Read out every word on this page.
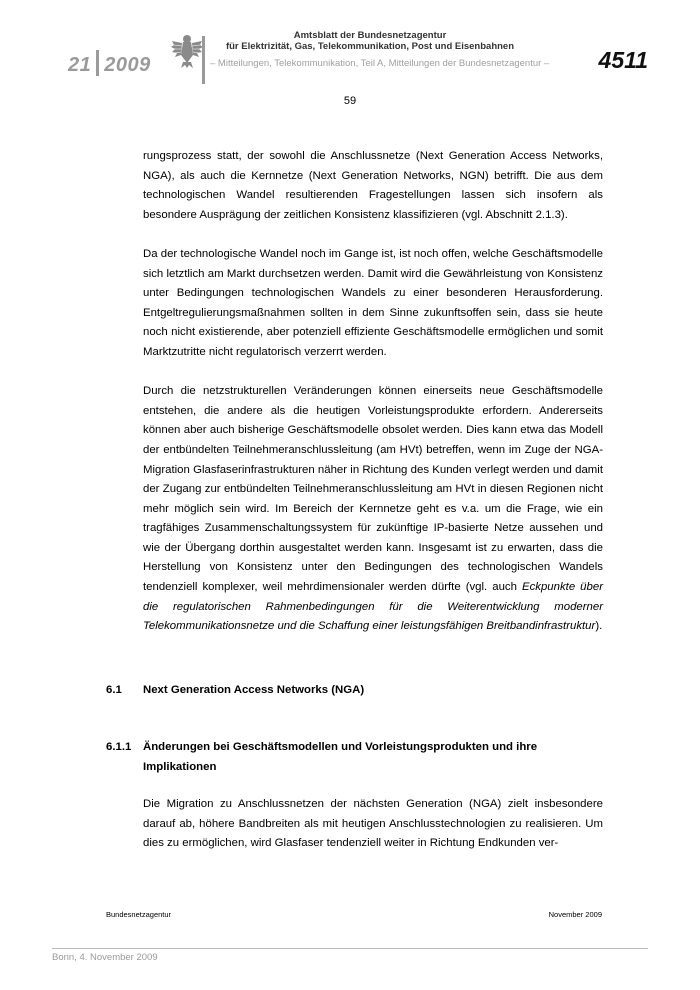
21 2009
Amtsblatt der Bundesnetzagentur
für Elektrizität, Gas, Telekommunikation, Post und Eisenbahnen
– Mitteilungen, Telekommunikation, Teil A, Mitteilungen der Bundesnetzagentur – 4511
59

rungsprozess statt, der sowohl die Anschlussnetze (Next Generation Access Networks, NGA), als auch die Kernnetze (Next Generation Networks, NGN) betrifft. Die aus dem technologischen Wandel resultierenden Fragestellungen lassen sich insofern als besondere Ausprägung der zeitlichen Konsistenz klassifizieren (vgl. Abschnitt 2.1.3).

Da der technologische Wandel noch im Gange ist, ist noch offen, welche Geschäftsmodelle sich letztlich am Markt durchsetzen werden. Damit wird die Gewährleistung von Konsistenz unter Bedingungen technologischen Wandels zu einer besonderen Herausforderung. Entgeltregulierungsmaßnahmen sollten in dem Sinne zukunftsoffen sein, dass sie heute noch nicht existierende, aber potenziell effiziente Geschäftsmodelle ermöglichen und somit Marktzutritte nicht regulatorisch verzerrt werden.

Durch die netzstrukturellen Veränderungen können einerseits neue Geschäftsmodelle entstehen, die andere als die heutigen Vorleistungsprodukte erfordern. Andererseits können aber auch bisherige Geschäftsmodelle obsolet werden. Dies kann etwa das Modell der entbündelten Teilnehmeranschlussleitung (am HVt) betreffen, wenn im Zuge der NGA-Migration Glasfaserinfrastrukturen näher in Richtung des Kunden verlegt werden und damit der Zugang zur entbündelten Teilnehmeranschlussleitung am HVt in diesen Regionen nicht mehr möglich sein wird. Im Bereich der Kernnetze geht es v.a. um die Frage, wie ein tragfähiges Zusammenschaltungssystem für zukünftige IP-basierte Netze aussehen und wie der Übergang dorthin ausgestaltet werden kann. Insgesamt ist zu erwarten, dass die Herstellung von Konsistenz unter den Bedingungen des technologischen Wandels tendenziell komplexer, weil mehrdimensionaler werden dürfte (vgl. auch Eckpunkte über die regulatorischen Rahmenbedingungen für die Weiterentwicklung moderner Telekommunikationsnetze und die Schaffung einer leistungsfähigen Breitbandinfrastruktur).

6.1 Next Generation Access Networks (NGA)
6.1.1 Änderungen bei Geschäftsmodellen und Vorleistungsprodukten und ihre Implikationen

Die Migration zu Anschlussnetzen der nächsten Generation (NGA) zielt insbesondere darauf ab, höhere Bandbreiten als mit heutigen Anschlusstechnologien zu realisieren. Um dies zu ermöglichen, wird Glasfaser tendenziell weiter in Richtung Endkunden ver-

Bundesnetzagentur	November 2009
Bonn, 4. November 2009
